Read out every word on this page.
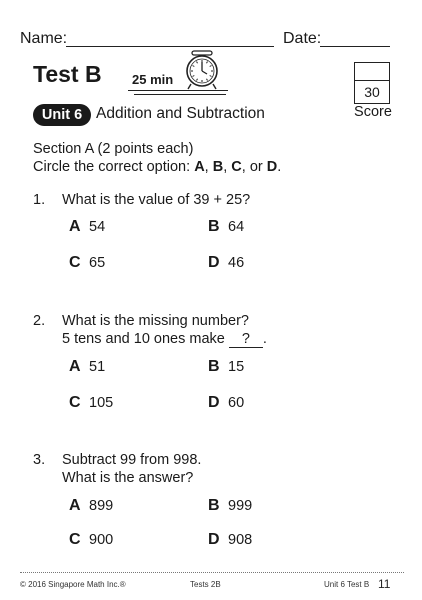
Name:	Date:
Test B 25 min
30
Score
Unit 6 Addition and Subtraction
Section A (2 points each)
Circle the correct option: A, B, C, or D.
1. What is the value of 39 + 25?
A 54	B 64
C 65	D 46
2. What is the missing number?
5 tens and 10 ones make ? .
A 51	B 15
C 105	D 60
3. Subtract 99 from 998.
What is the answer?
A 899	B 999
C 900	D 908
© 2016 Singapore Math Inc.®	Tests 2B	Unit 6 Test B 11
